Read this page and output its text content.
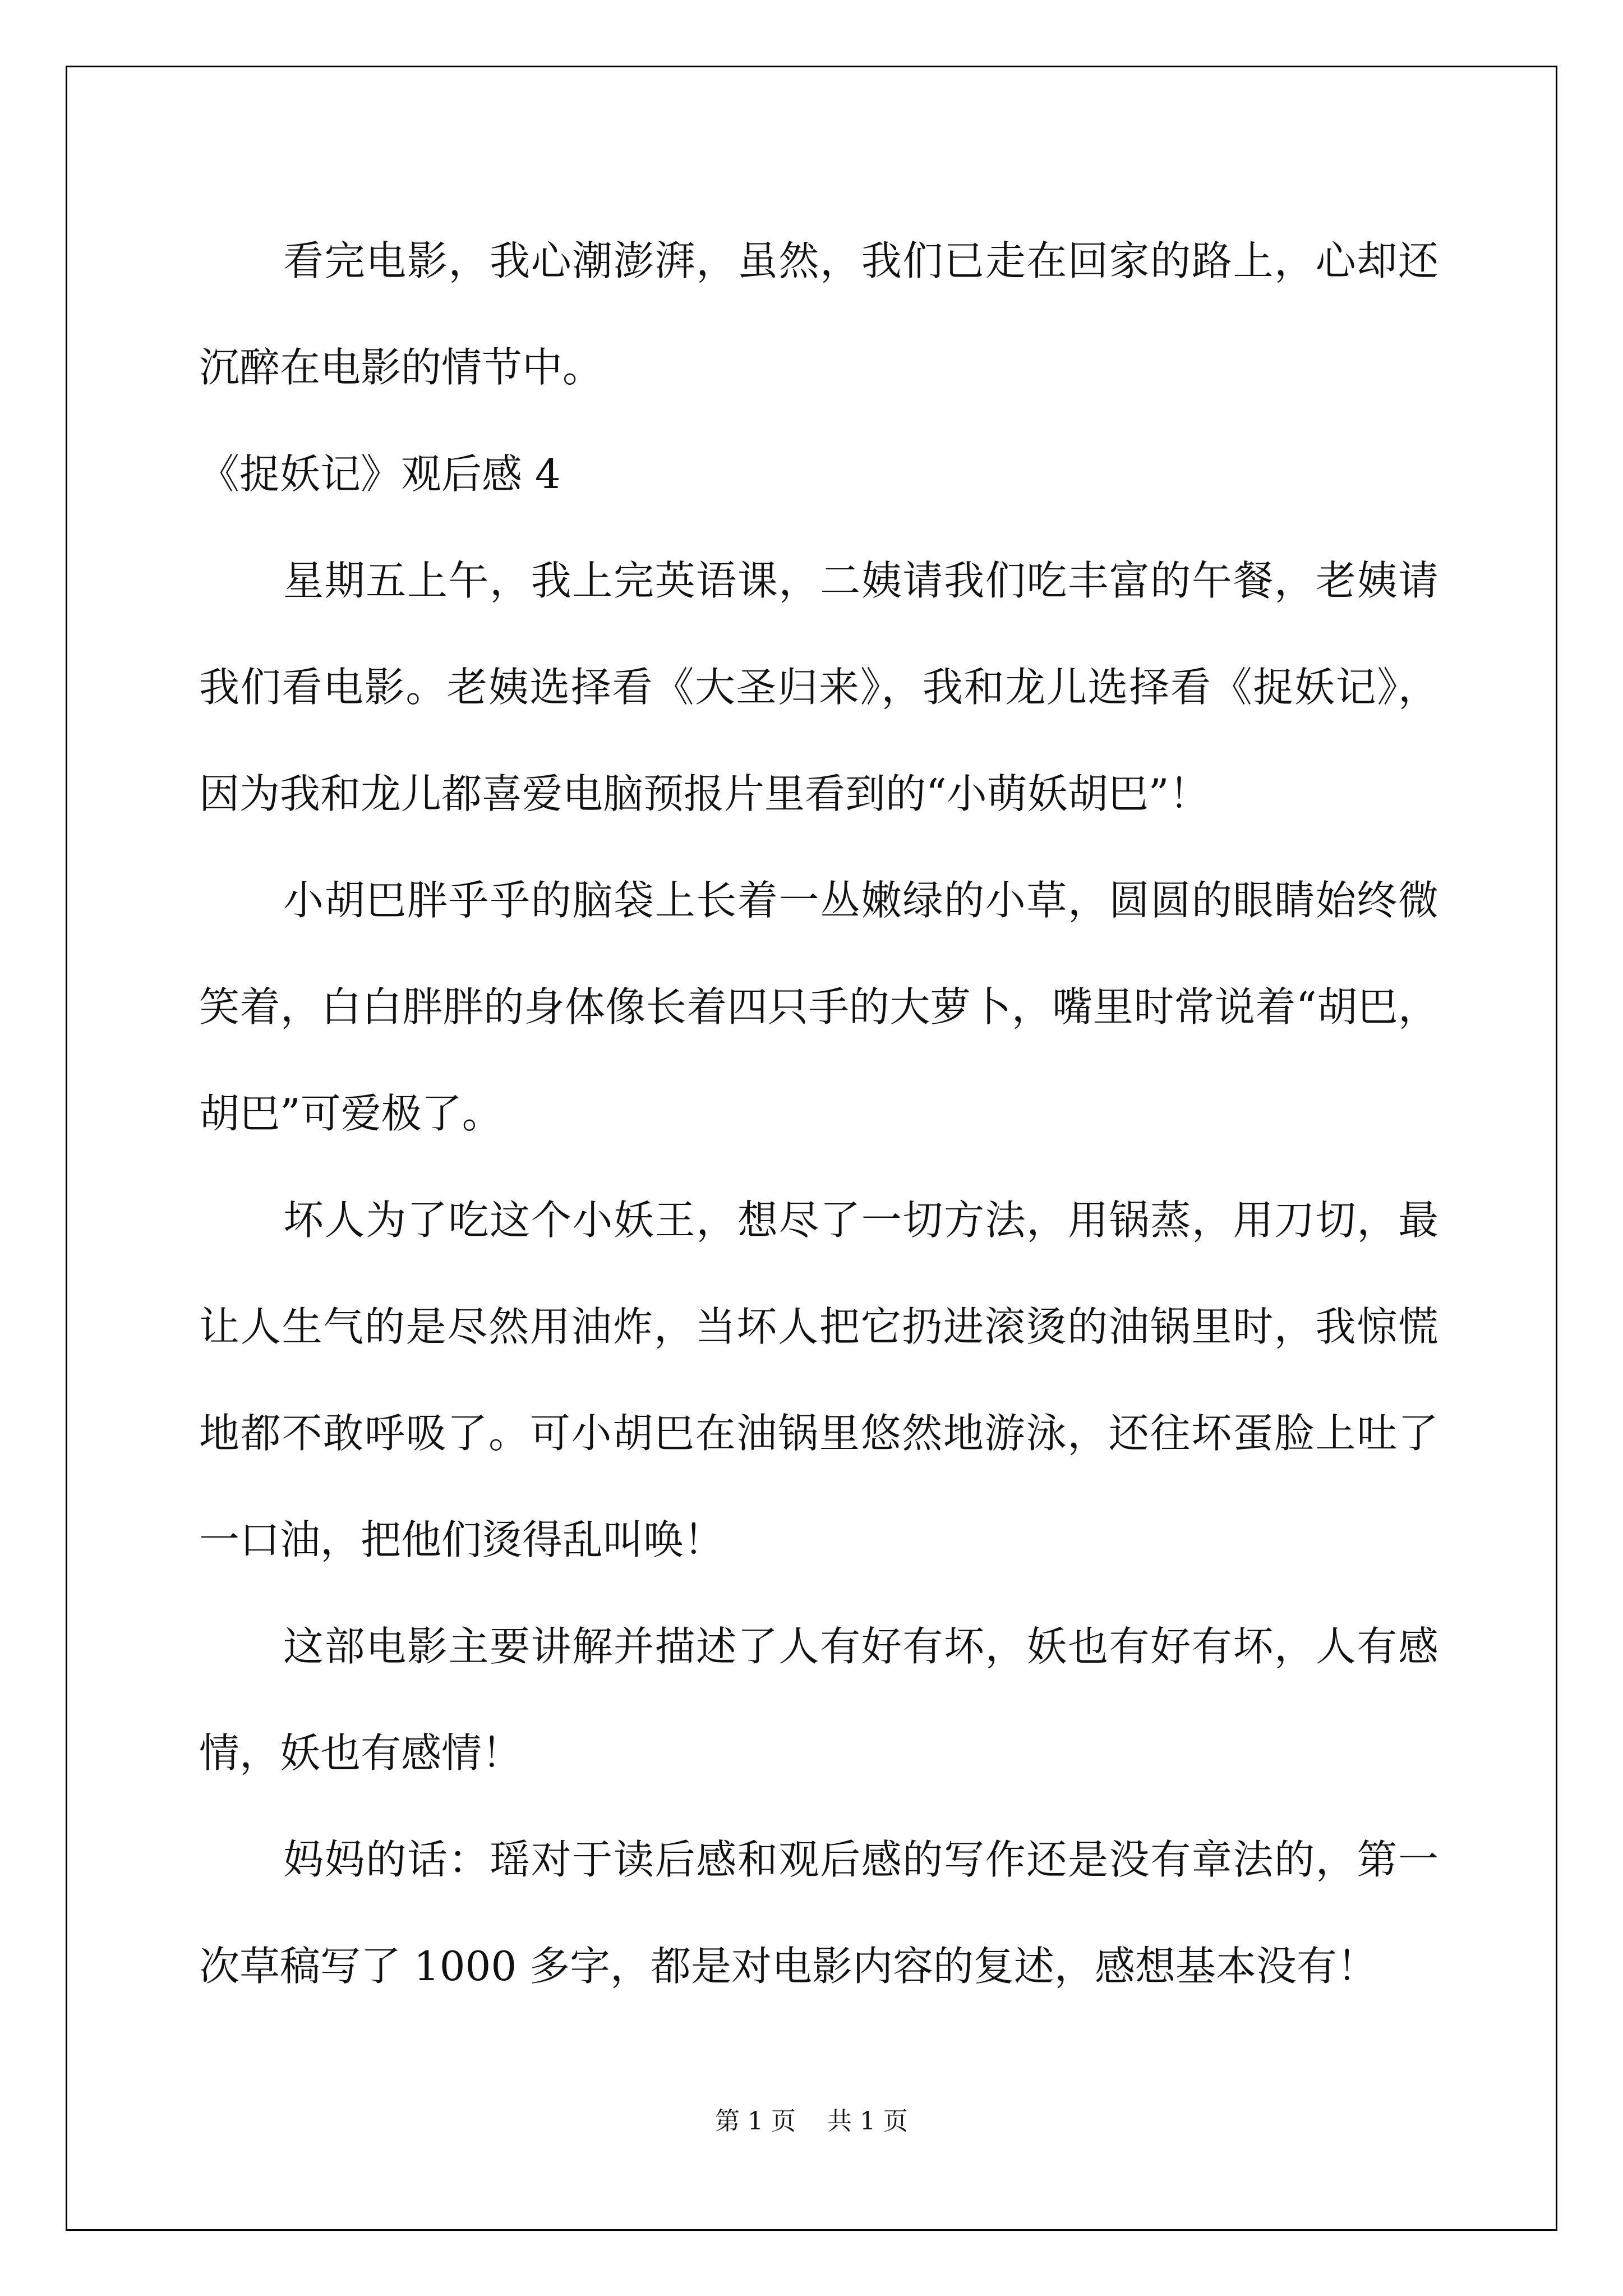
看完电影，我心潮澎湃，虽然，我们已走在回家的路上，心却还沉醉在电影的情节中。

《捉妖记》观后感 4

星期五上午，我上完英语课，二姨请我们吃丰富的午餐，老姨请我们看电影。老姨选择看《大圣归来》，我和龙儿选择看《捉妖记》，因为我和龙儿都喜爱电脑预报片里看到的“小萌妖胡巴”！

小胡巴胖乎乎的脑袋上长着一丛嫩绿的小草，圆圆的眼睛始终微笑着，白白胖胖的身体像长着四只手的大萝卜，嘴里时常说着“胡巴，胡巴”可爱极了。

坏人为了吃这个小妖王，想尽了一切方法，用锅蒸，用刀切，最让人生气的是尽然用油炸，当坏人把它扔进滚烫的油锅里时，我惊慌地都不敢呼吸了。可小胡巴在油锅里悠然地游泳，还往坏蛋脸上吐了一口油，把他们烫得乱叫唤！

这部电影主要讲解并描述了人有好有坏，妖也有好有坏，人有感情，妖也有感情！

妈妈的话：瑶对于读后感和观后感的写作还是没有章法的，第一次草稿写了 1000 多字，都是对电影内容的复述，感想基本没有！

第 1 页    共 1 页
